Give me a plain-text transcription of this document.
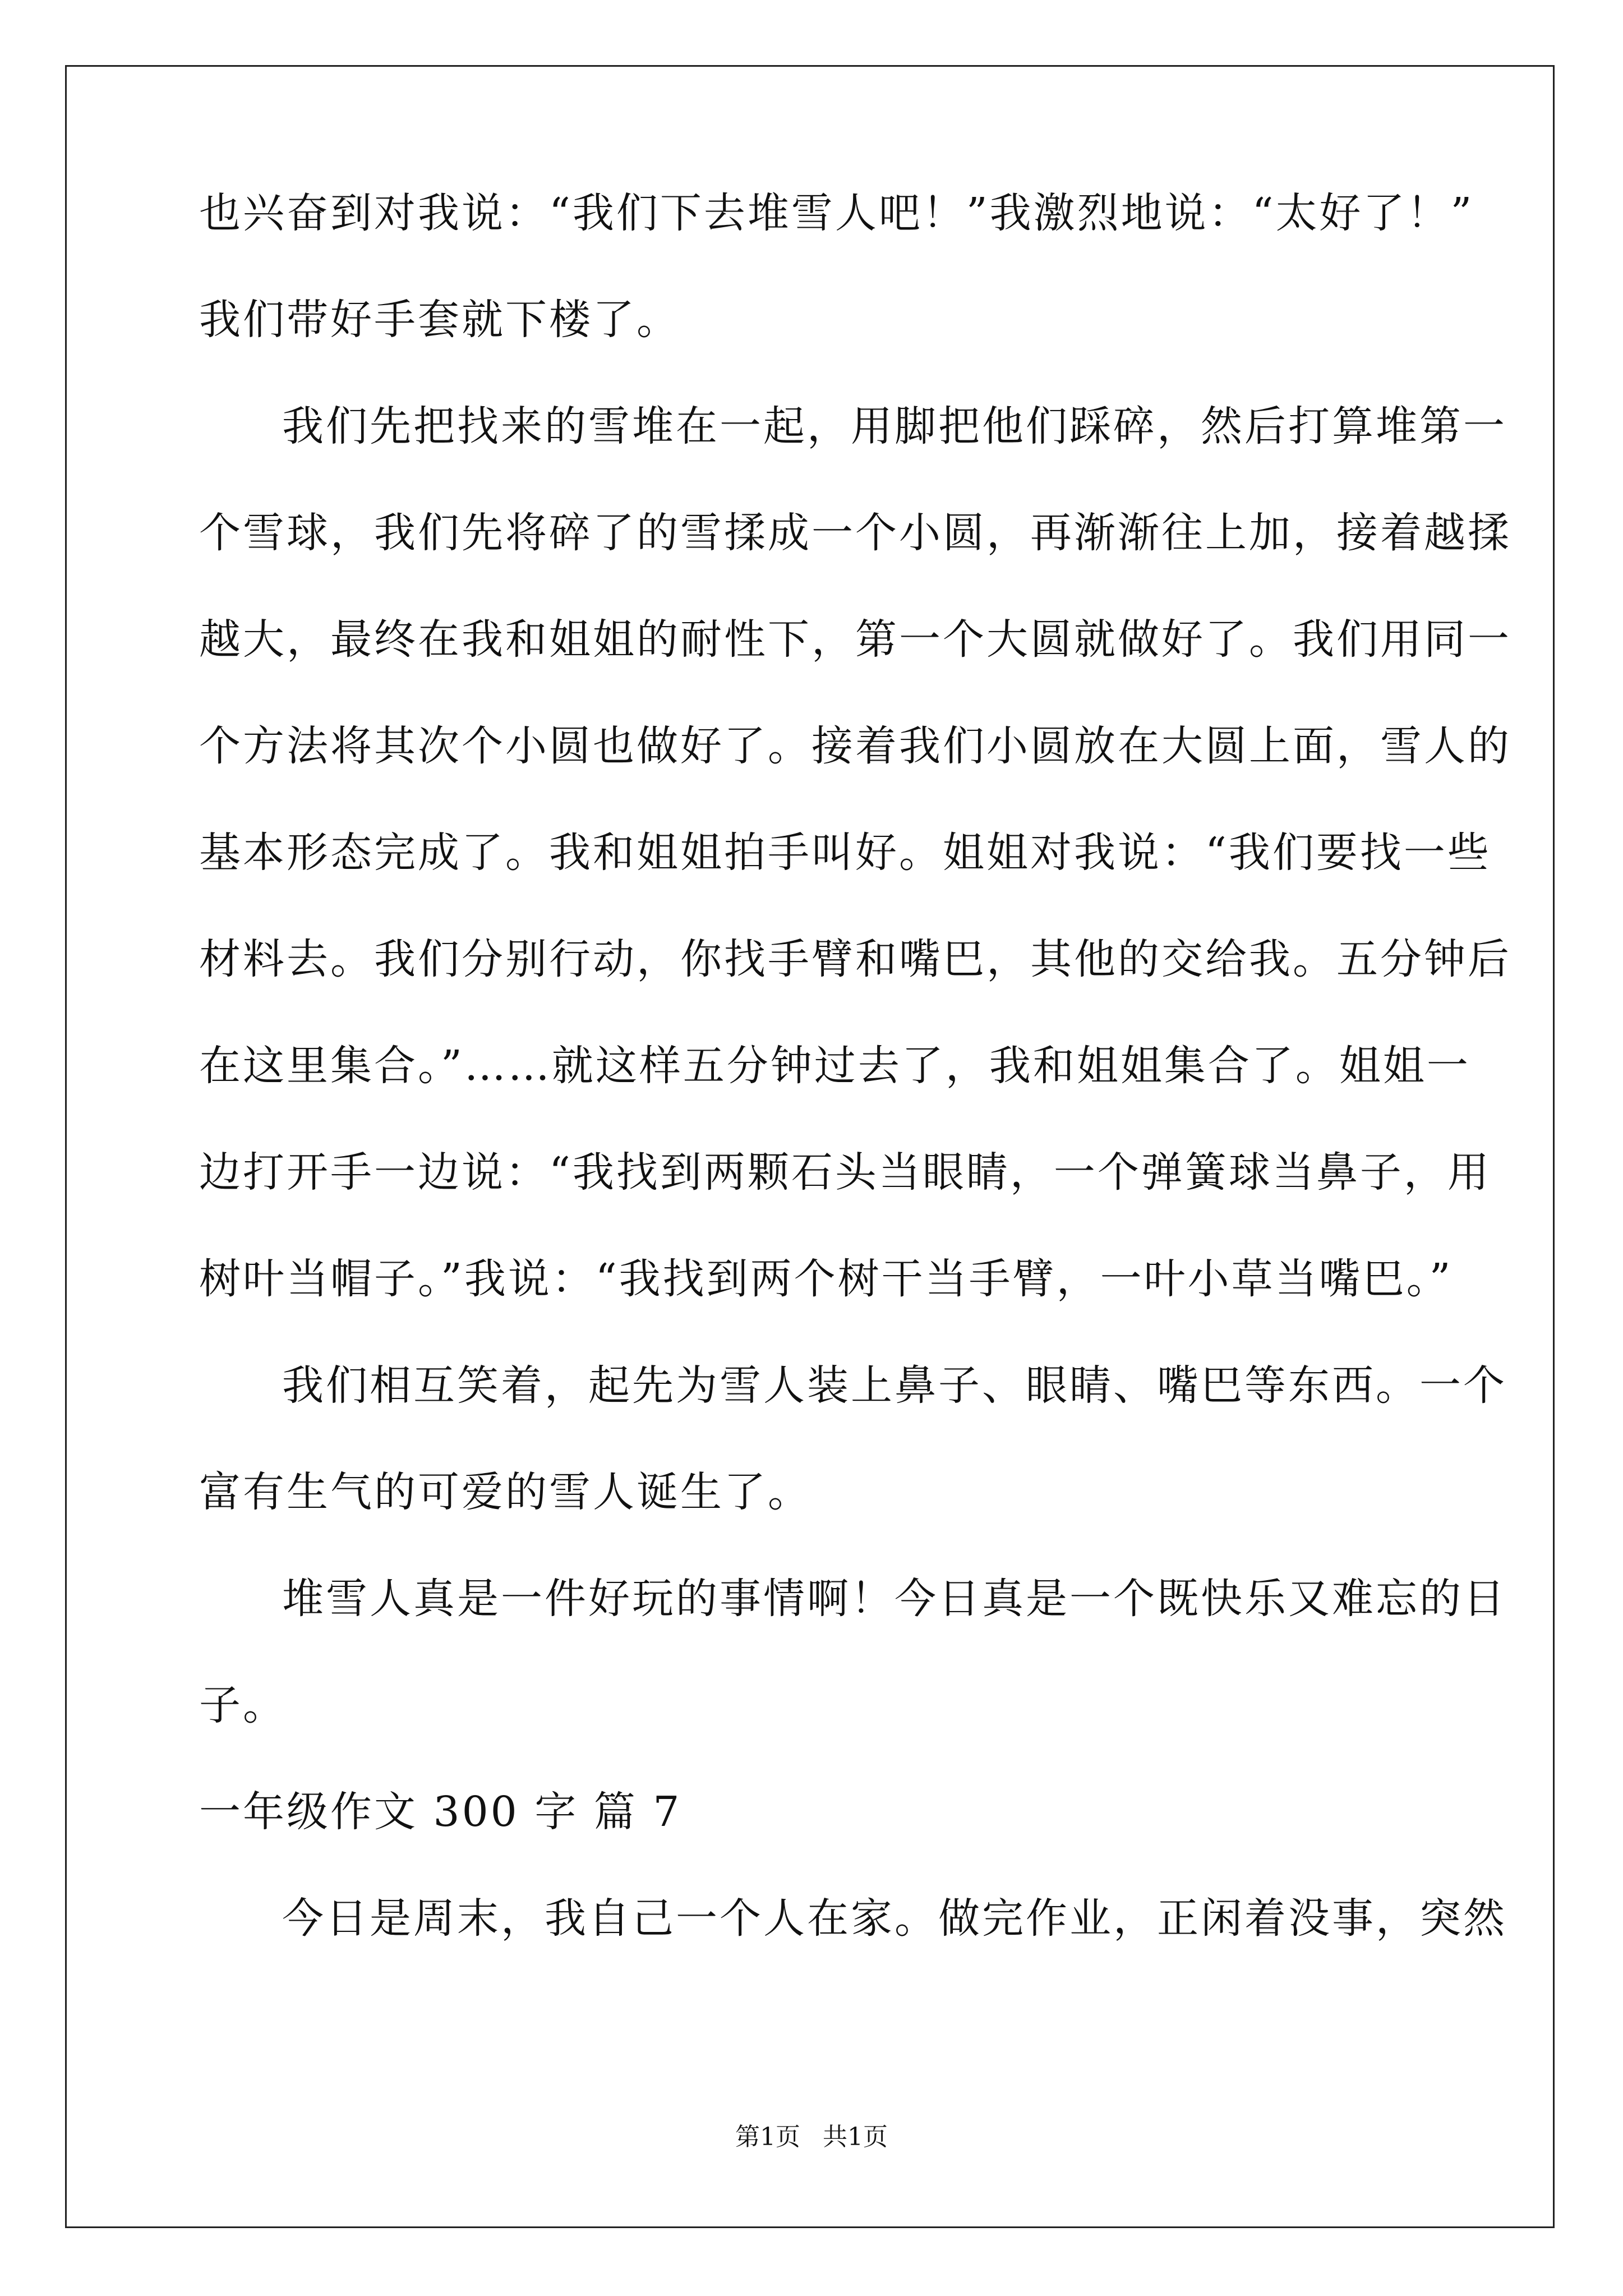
也兴奋到对我说：“我们下去堆雪人吧！”我激烈地说：“太好了！”
我们带好手套就下楼了。
我们先把找来的雪堆在一起，用脚把他们踩碎，然后打算堆第一
个雪球，我们先将碎了的雪揉成一个小圆，再渐渐往上加，接着越揉
越大，最终在我和姐姐的耐性下，第一个大圆就做好了。我们用同一
个方法将其次个小圆也做好了。接着我们小圆放在大圆上面，雪人的
基本形态完成了。我和姐姐拍手叫好。姐姐对我说：“我们要找一些
材料去。我们分别行动，你找手臂和嘴巴，其他的交给我。五分钟后
在这里集合。”……就这样五分钟过去了，我和姐姐集合了。姐姐一
边打开手一边说：“我找到两颗石头当眼睛，一个弹簧球当鼻子，用
树叶当帽子。”我说：“我找到两个树干当手臂，一叶小草当嘴巴。”
我们相互笑着，起先为雪人装上鼻子、眼睛、嘴巴等东西。一个
富有生气的可爱的雪人诞生了。
堆雪人真是一件好玩的事情啊！今日真是一个既快乐又难忘的日
子。
一年级作文 300 字 篇 7
今日是周末，我自己一个人在家。做完作业，正闲着没事，突然
第1页 共1页
